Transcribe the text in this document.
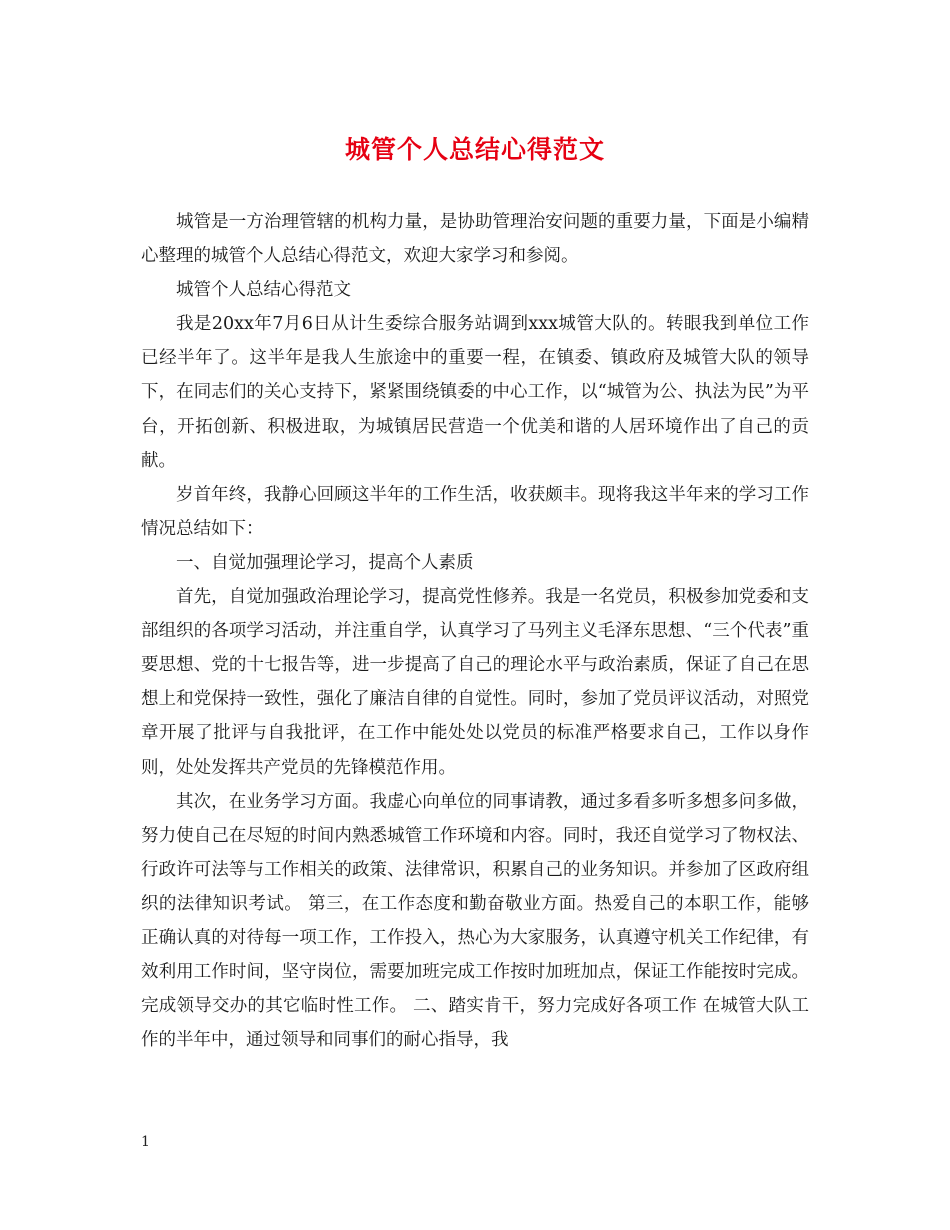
城管个人总结心得范文

城管是一方治理管辖的机构力量，是协助管理治安问题的重要力量，下面是小编精心整理的城管个人总结心得范文，欢迎大家学习和参阅。

城管个人总结心得范文

我是20xx年7月6日从计生委综合服务站调到xxx城管大队的。转眼我到单位工作已经半年了。这半年是我人生旅途中的重要一程，在镇委、镇政府及城管大队的领导下，在同志们的关心支持下，紧紧围绕镇委的中心工作，以“城管为公、执法为民”为平台，开拓创新、积极进取，为城镇居民营造一个优美和谐的人居环境作出了自己的贡献。

岁首年终，我静心回顾这半年的工作生活，收获颇丰。现将我这半年来的学习工作情况总结如下：

一、自觉加强理论学习，提高个人素质

首先，自觉加强政治理论学习，提高党性修养。我是一名党员，积极参加党委和支部组织的各项学习活动，并注重自学，认真学习了马列主义毛泽东思想、“三个代表”重要思想、党的十七报告等，进一步提高了自己的理论水平与政治素质，保证了自己在思想上和党保持一致性，强化了廉洁自律的自觉性。同时，参加了党员评议活动，对照党章开展了批评与自我批评，在工作中能处处以党员的标准严格要求自己，工作以身作则，处处发挥共产党员的先锋模范作用。

其次，在业务学习方面。我虚心向单位的同事请教，通过多看多听多想多问多做，努力使自己在尽短的时间内熟悉城管工作环境和内容。同时，我还自觉学习了物权法、行政许可法等与工作相关的政策、法律常识，积累自己的业务知识。并参加了区政府组织的法律知识考试。 第三，在工作态度和勤奋敬业方面。热爱自己的本职工作，能够正确认真的对待每一项工作，工作投入，热心为大家服务，认真遵守机关工作纪律，有效利用工作时间，坚守岗位，需要加班完成工作按时加班加点，保证工作能按时完成。完成领导交办的其它临时性工作。 二、踏实肯干，努力完成好各项工作 在城管大队工作的半年中，通过领导和同事们的耐心指导，我

1
